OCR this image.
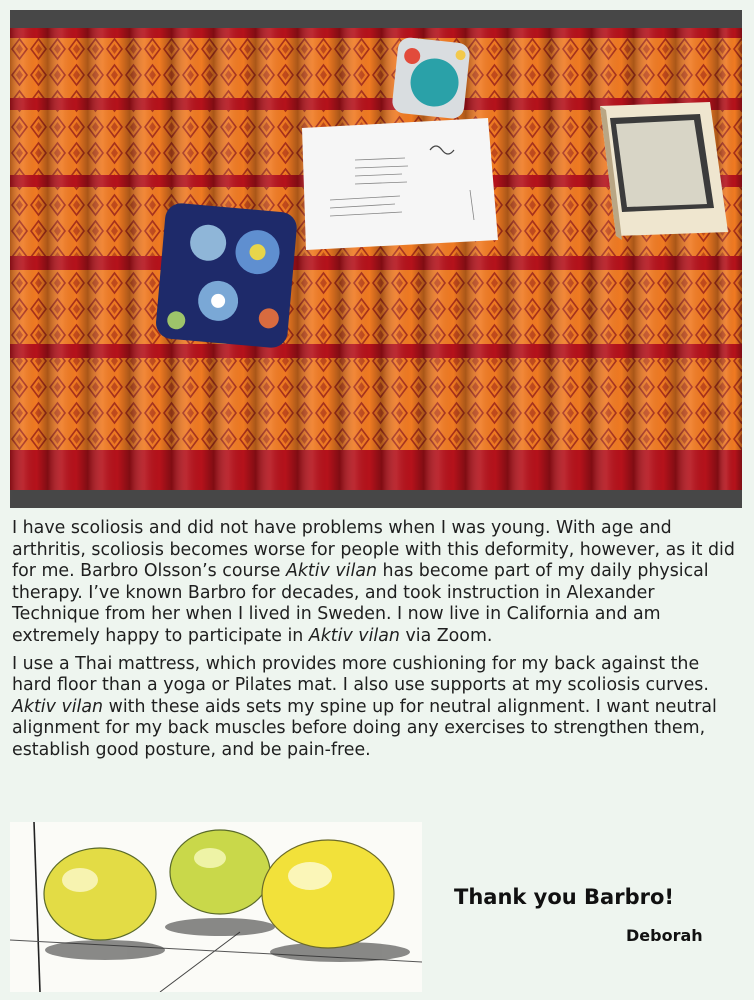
I have scoliosis and did not have problems when I was young. With age and arthritis, scoliosis becomes worse for people with this deformity, however, as it did for me. Barbro Olsson’s course Aktiv vilan has become part of my daily physical therapy. I’ve known Barbro for decades, and took instruction in Alexander Technique from her when I lived in Sweden. I now live in California and am extremely happy to participate in Aktiv vilan via Zoom.

I use a Thai mattress, which provides more cushioning for my back against the hard floor than a yoga or Pilates mat. I also use supports at my scoliosis curves. Aktiv vilan with these aids sets my spine up for neutral alignment. I want neutral alignment for my back muscles before doing any exercises to strengthen them, establish good posture, and be pain-free.

Thank you Barbro!
Deborah
